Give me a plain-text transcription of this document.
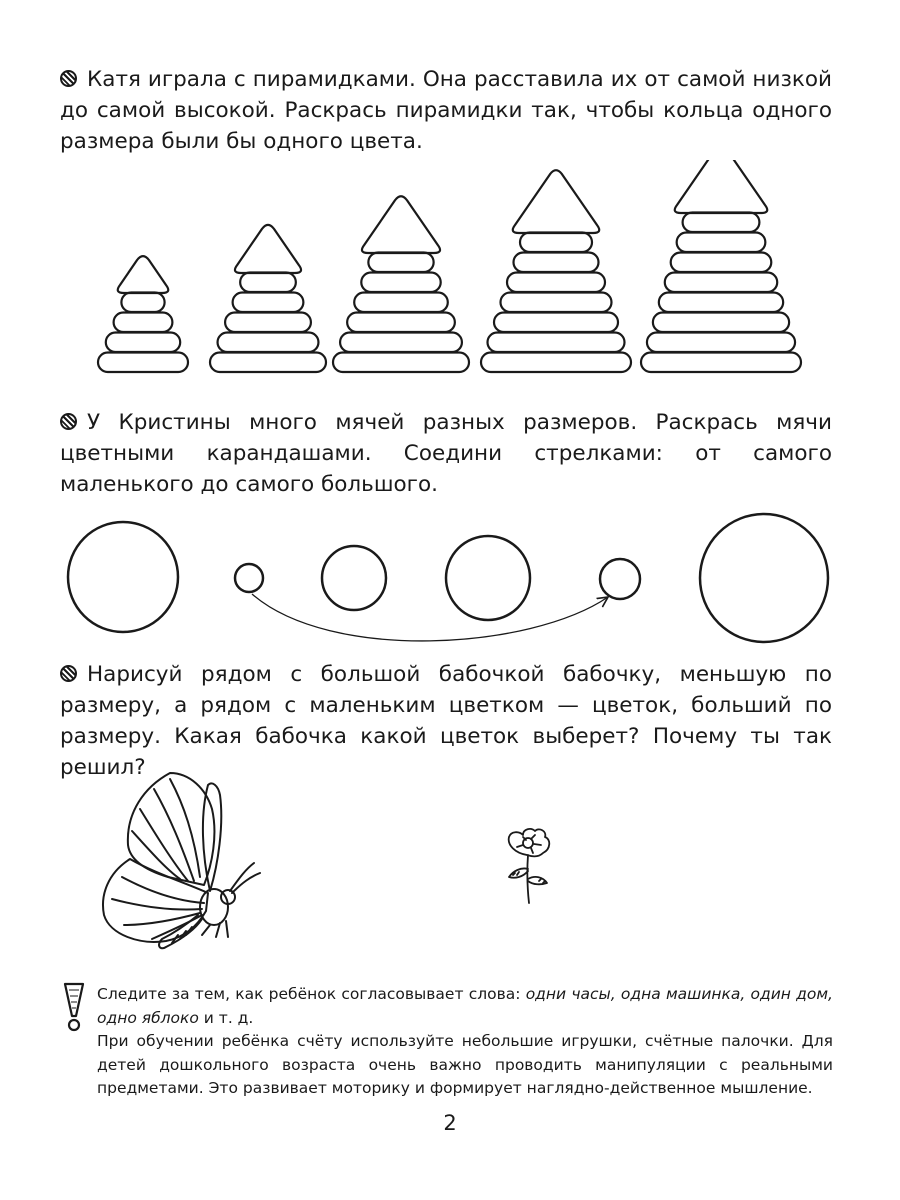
Катя играла с пирамидками. Она расставила их от самой низкой до самой высокой. Раскрась пирамидки так, чтобы кольца одного размера были бы одного цвета.
У Кристины много мячей разных размеров. Раскрась мячи цветными карандашами. Соедини стрелками: от самого маленького до самого большого.
Нарисуй рядом с большой бабочкой бабочку, меньшую по размеру, а рядом с маленьким цветком — цветок, больший по размеру. Какая бабочка какой цветок выберет? Почему ты так решил?

Следите за тем, как ребёнок согласовывает слова: одни часы, одна машинка, один дом, одно яблоко и т. д.

При обучении ребёнка счёту используйте небольшие игрушки, счётные палочки. Для детей дошкольного возраста очень важно проводить манипуляции с реальными предметами. Это развивает моторику и формирует наглядно-действенное мышление.

2
